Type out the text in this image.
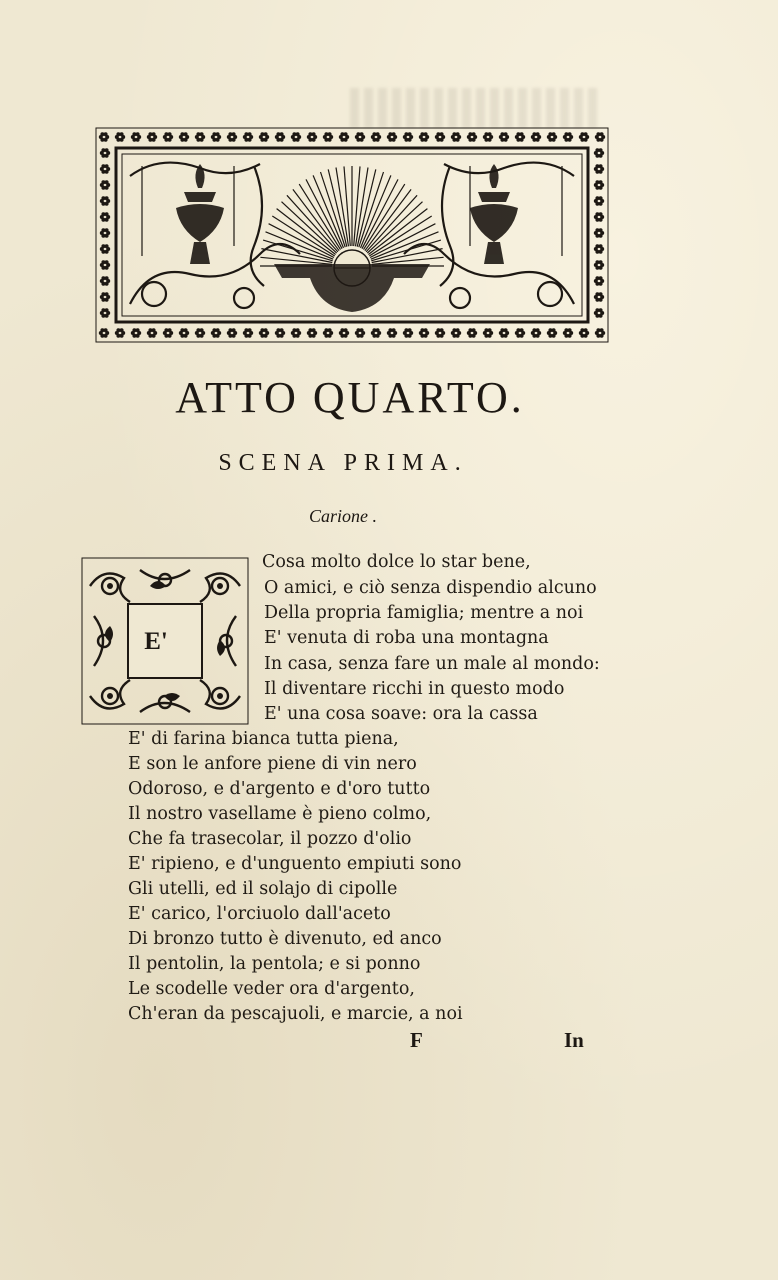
ATTO QUARTO.
SCENA PRIMA.
Carione .
E'
Cosa molto dolce lo star bene,
O amici, e ciò senza dispendio alcuno
Della propria famiglia; mentre a noi
E' venuta di roba una montagna
In casa, senza fare un male al mondo:
Il diventare ricchi in questo modo
E' una cosa soave: ora la cassa
E' di farina bianca tutta piena,
E son le anfore piene di vin nero
Odoroso, e d'argento e d'oro tutto
Il nostro vasellame è pieno colmo,
Che fa trasecolar, il pozzo d'olio
E' ripieno, e d'unguento empiuti sono
Gli utelli, ed il solajo di cipolle
E' carico, l'orciuolo dall'aceto
Di bronzo tutto è divenuto, ed anco
Il pentolin, la pentola; e si ponno
Le scodelle veder ora d'argento,
Ch'eran da pescajuoli, e marcie, a noi
F	In
